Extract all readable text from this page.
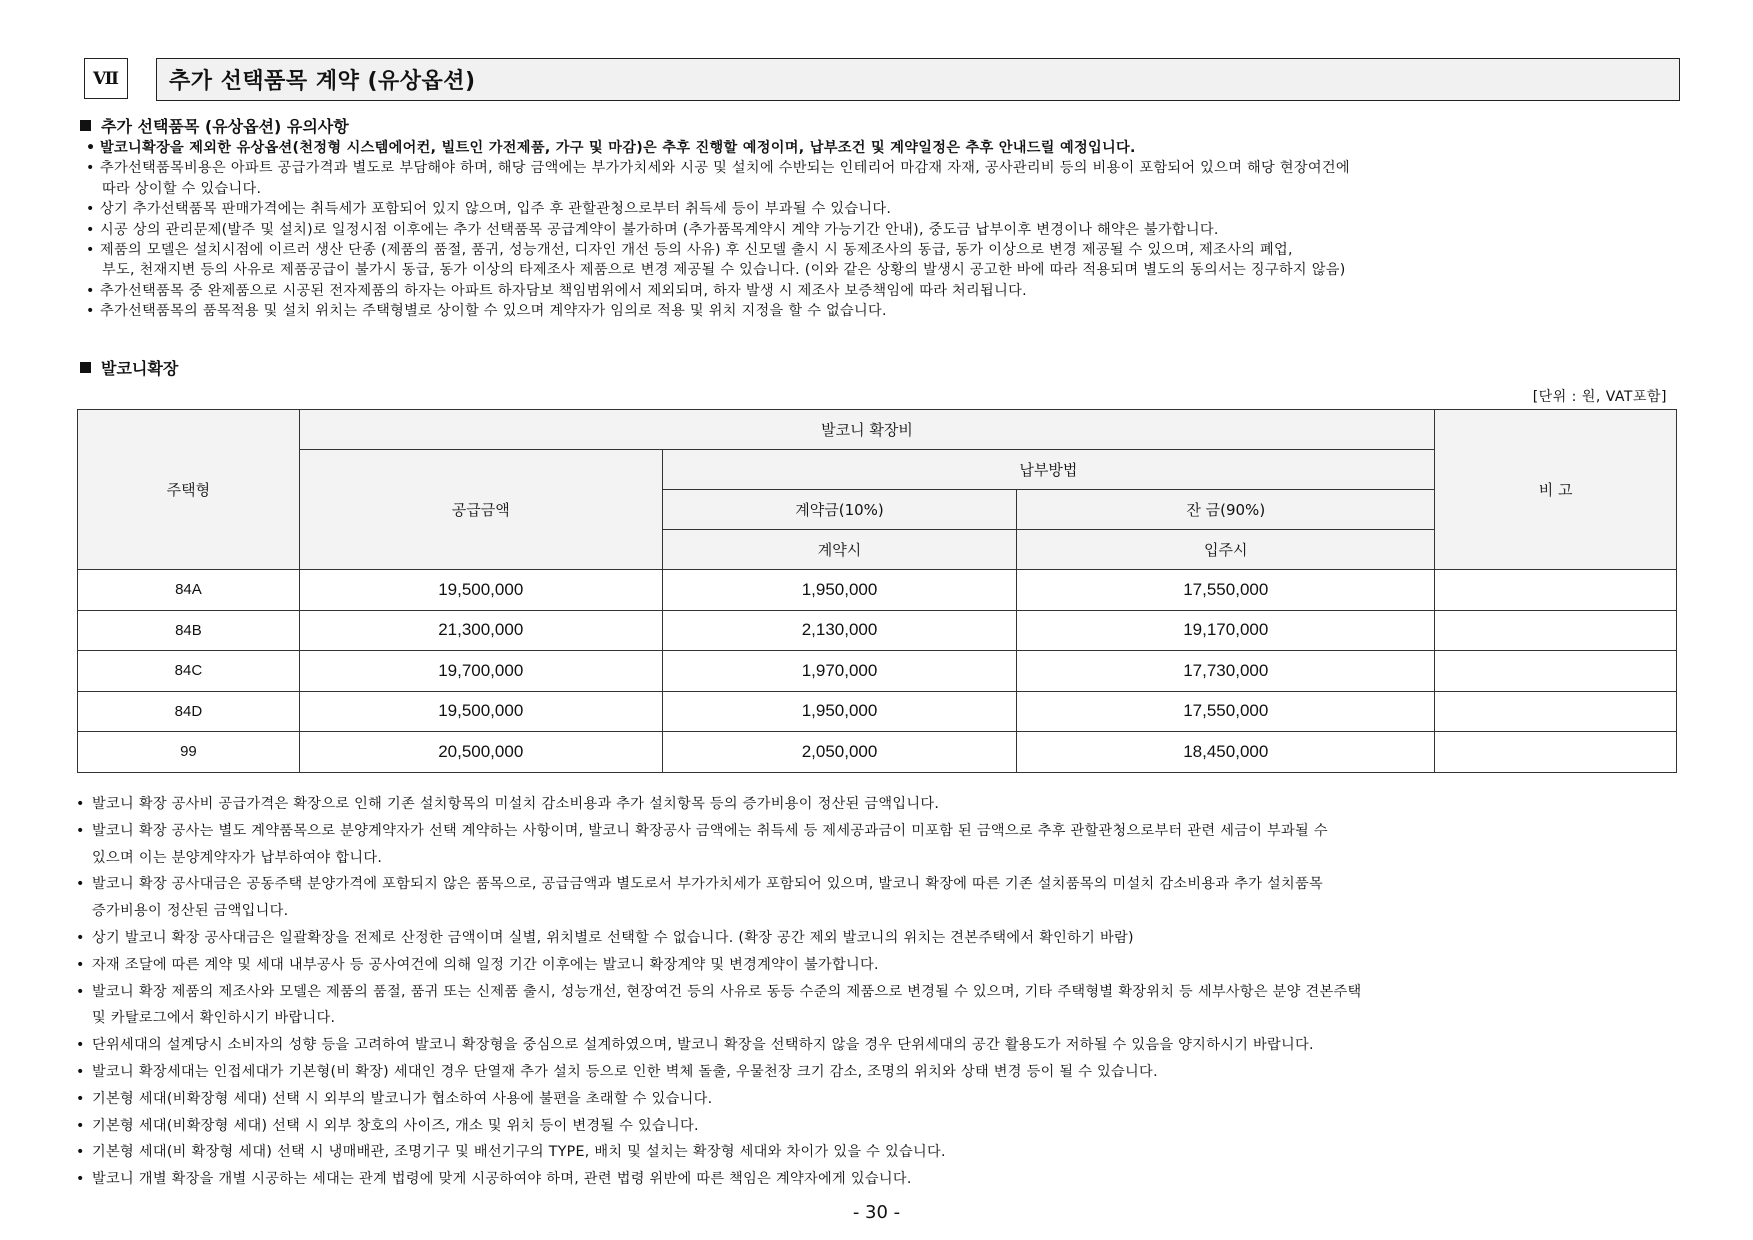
Ⅶ	추가 선택품목 계약 (유상옵션)
추가 선택품목 (유상옵션) 유의사항
• 발코니확장을 제외한 유상옵션(천정형 시스템에어컨, 빌트인 가전제품, 가구 및 마감)은 추후 진행할 예정이며, 납부조건 및 계약일정은 추후 안내드릴 예정입니다.
• 추가선택품목비용은 아파트 공급가격과 별도로 부담해야 하며, 해당 금액에는 부가가치세와 시공 및 설치에 수반되는 인테리어 마감재 자재, 공사관리비 등의 비용이 포함되어 있으며 해당 현장여건에
따라 상이할 수 있습니다.
• 상기 추가선택품목 판매가격에는 취득세가 포함되어 있지 않으며, 입주 후 관할관청으로부터 취득세 등이 부과될 수 있습니다.
• 시공 상의 관리문제(발주 및 설치)로 일정시점 이후에는 추가 선택품목 공급계약이 불가하며 (추가품목계약시 계약 가능기간 안내), 중도금 납부이후 변경이나 해약은 불가합니다.
• 제품의 모델은 설치시점에 이르러 생산 단종 (제품의 품절, 품귀, 성능개선, 디자인 개선 등의 사유) 후 신모델 출시 시 동제조사의 동급, 동가 이상으로 변경 제공될 수 있으며, 제조사의 폐업,
부도, 천재지변 등의 사유로 제품공급이 불가시 동급, 동가 이상의 타제조사 제품으로 변경 제공될 수 있습니다. (이와 같은 상황의 발생시 공고한 바에 따라 적용되며 별도의 동의서는 징구하지 않음)
• 추가선택품목 중 완제품으로 시공된 전자제품의 하자는 아파트 하자담보 책임범위에서 제외되며, 하자 발생 시 제조사 보증책임에 따라 처리됩니다.
• 추가선택품목의 품목적용 및 설치 위치는 주택형별로 상이할 수 있으며 계약자가 임의로 적용 및 위치 지정을 할 수 없습니다.
발코니확장
[단위 : 원, VAT포함]
주택형	발코니 확장비			비 고
	공급금액	납부방법		
		계약금(10%)	잔 금(90%)	
		계약시	입주시	
84A	19,500,000	1,950,000	17,550,000	
84B	21,300,000	2,130,000	19,170,000	
84C	19,700,000	1,970,000	17,730,000	
84D	19,500,000	1,950,000	17,550,000	
99	20,500,000	2,050,000	18,450,000	
• 발코니 확장 공사비 공급가격은 확장으로 인해 기존 설치항목의 미설치 감소비용과 추가 설치항목 등의 증가비용이 정산된 금액입니다.
• 발코니 확장 공사는 별도 계약품목으로 분양계약자가 선택 계약하는 사항이며, 발코니 확장공사 금액에는 취득세 등 제세공과금이 미포함 된 금액으로 추후 관할관청으로부터 관련 세금이 부과될 수
있으며 이는 분양계약자가 납부하여야 합니다.
• 발코니 확장 공사대금은 공동주택 분양가격에 포함되지 않은 품목으로, 공급금액과 별도로서 부가가치세가 포함되어 있으며, 발코니 확장에 따른 기존 설치품목의 미설치 감소비용과 추가 설치품목
증가비용이 정산된 금액입니다.
• 상기 발코니 확장 공사대금은 일괄확장을 전제로 산정한 금액이며 실별, 위치별로 선택할 수 없습니다. (확장 공간 제외 발코니의 위치는 견본주택에서 확인하기 바람)
• 자재 조달에 따른 계약 및 세대 내부공사 등 공사여건에 의해 일정 기간 이후에는 발코니 확장계약 및 변경계약이 불가합니다.
• 발코니 확장 제품의 제조사와 모델은 제품의 품절, 품귀 또는 신제품 출시, 성능개선, 현장여건 등의 사유로 동등 수준의 제품으로 변경될 수 있으며, 기타 주택형별 확장위치 등 세부사항은 분양 견본주택
및 카탈로그에서 확인하시기 바랍니다.
• 단위세대의 설계당시 소비자의 성향 등을 고려하여 발코니 확장형을 중심으로 설계하였으며, 발코니 확장을 선택하지 않을 경우 단위세대의 공간 활용도가 저하될 수 있음을 양지하시기 바랍니다.
• 발코니 확장세대는 인접세대가 기본형(비 확장) 세대인 경우 단열재 추가 설치 등으로 인한 벽체 돌출, 우물천장 크기 감소, 조명의 위치와 상태 변경 등이 될 수 있습니다.
• 기본형 세대(비확장형 세대) 선택 시 외부의 발코니가 협소하여 사용에 불편을 초래할 수 있습니다.
• 기본형 세대(비확장형 세대) 선택 시 외부 창호의 사이즈, 개소 및 위치 등이 변경될 수 있습니다.
• 기본형 세대(비 확장형 세대) 선택 시 냉매배관, 조명기구 및 배선기구의 TYPE, 배치 및 설치는 확장형 세대와 차이가 있을 수 있습니다.
• 발코니 개별 확장을 개별 시공하는 세대는 관계 법령에 맞게 시공하여야 하며, 관련 법령 위반에 따른 책임은 계약자에게 있습니다.
- 30 -
